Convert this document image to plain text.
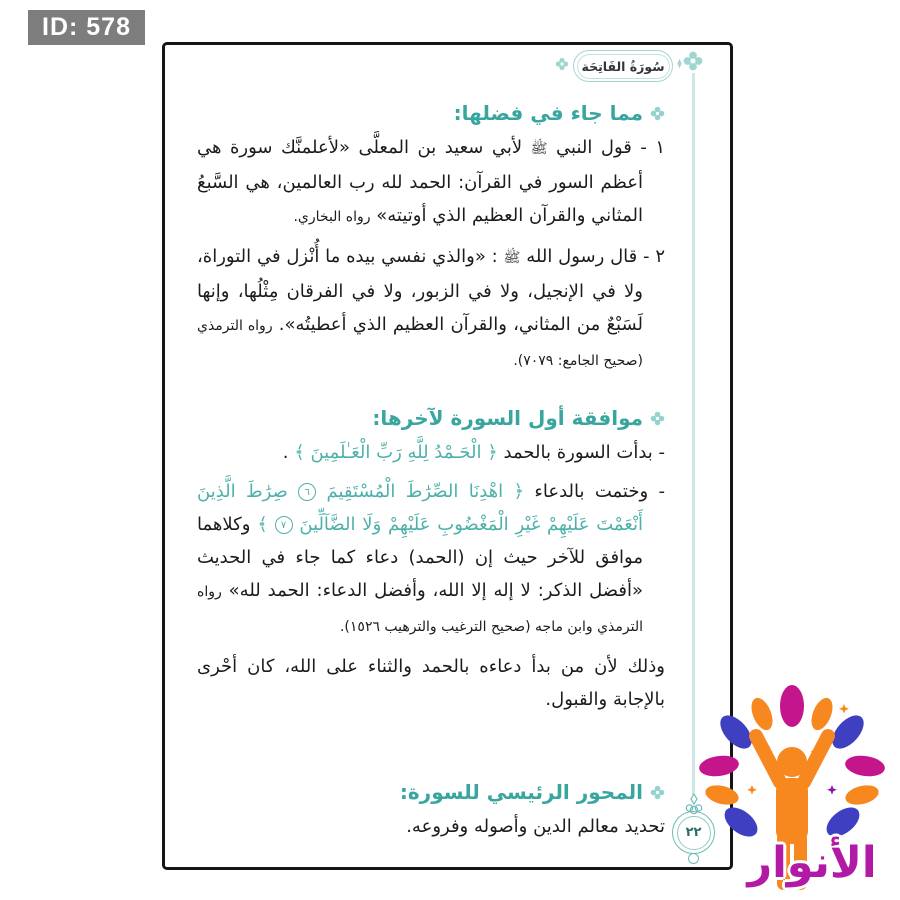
ID: 578
سُورَةُ الفَاتِحَة
٢٢
مما جاء في فضلها:

١ - قول النبي ﷺ لأبي سعيد بن المعلَّى «لأعلمنَّك سورة هي أعظم السور في القرآن: الحمد لله رب العالمين، هي السَّبعُ المثاني والقرآن العظيم الذي أوتيته» رواه البخاري.

٢ - قال رسول الله ﷺ : «والذي نفسي بيده ما أُنْزل في التوراة، ولا في الإنجيل، ولا في الزبور، ولا في الفرقان مِثْلُها، وإنها لَسَبْعٌ من المثاني، والقرآن العظيم الذي أعطيتُه». رواه الترمذي (صحيح الجامع: ٧٠٧٩).

موافقة أول السورة لآخرها:

- بدأت السورة بالحمد ﴿ الْحَـمْدُ لِلَّهِ رَبِّ الْعَـٰلَمِينَ ﴾ .

- وختمت بالدعاء ﴿ اهْدِنَا الصِّرَٰطَ الْمُسْتَقِيمَ ٦ صِرَٰطَ الَّذِينَ أَنْعَمْتَ عَلَيْهِمْ غَيْرِ الْمَغْضُوبِ عَلَيْهِمْ وَلَا الضَّآلِّينَ ٧ ﴾ وكلاهما موافق للآخر حيث إن (الحمد) دعاء كما جاء في الحديث «أفضل الذكر: لا إله إلا الله، وأفضل الدعاء: الحمد لله» رواه الترمذي وابن ماجه (صحيح الترغيب والترهيب ١٥٢٦).

وذلك لأن من بدأ دعاءه بالحمد والثناء على الله، كان أحْرى بالإجابة والقبول.

المحور الرئيسي للسورة:

تحديد معالم الدين وأصوله وفروعه.

الأنوار
